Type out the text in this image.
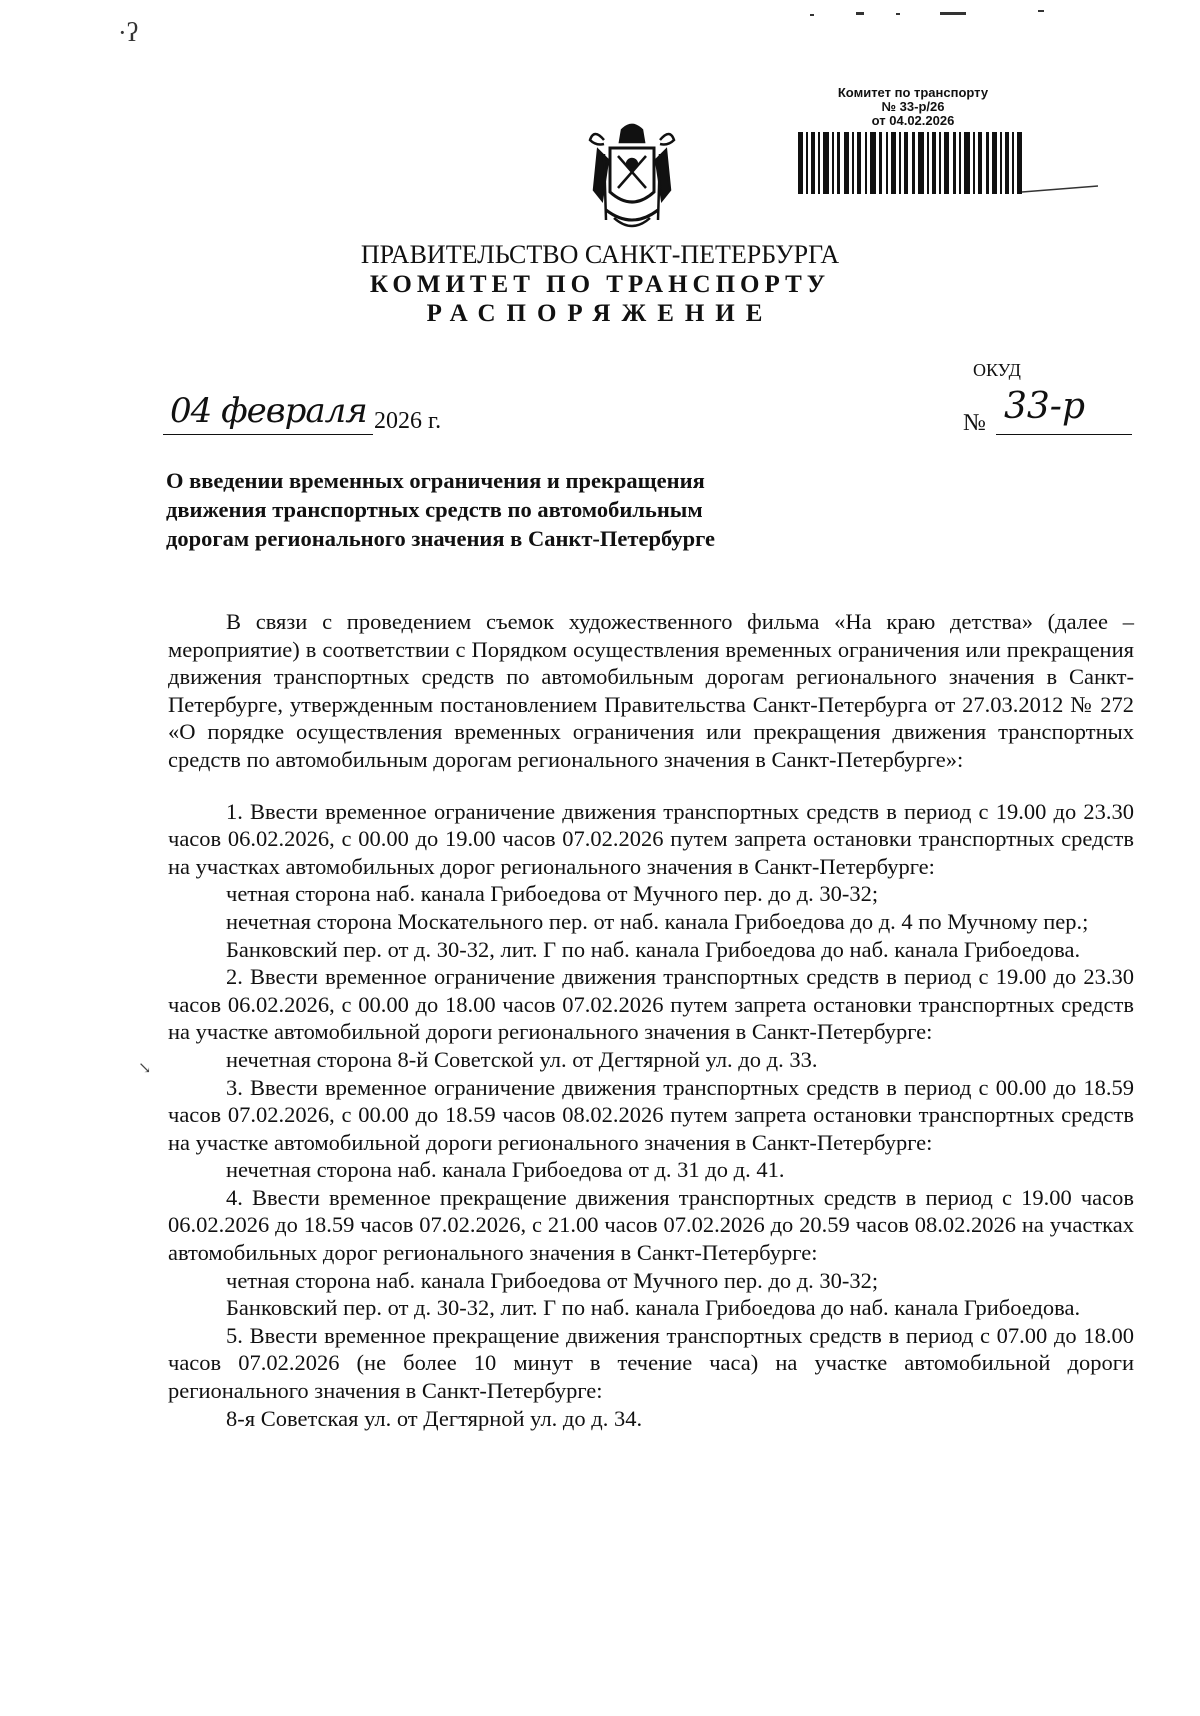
·ʔ
Комитет по транспорту
№ 33-р/26
от 04.02.2026
ПРАВИТЕЛЬСТВО САНКТ-ПЕТЕРБУРГА
КОМИТЕТ ПО ТРАНСПОРТУ
РАСПОРЯЖЕНИЕ
ОКУД
04 февраля 2026 г.	№ 33-р
О введении временных ограничения и прекращения движения транспортных средств по автомобильным дорогам регионального значения в Санкт-Петербурге
↘

В связи с проведением съемок художественного фильма «На краю детства» (далее – мероприятие) в соответствии с Порядком осуществления временных ограничения или прекращения движения транспортных средств по автомобильным дорогам регионального значения в Санкт-Петербурге, утвержденным постановлением Правительства Санкт-Петербурга от 27.03.2012 № 272 «О порядке осуществления временных ограничения или прекращения движения транспортных средств по автомобильным дорогам регионального значения в Санкт-Петербурге»:

1. Ввести временное ограничение движения транспортных средств в период с 19.00 до 23.30 часов 06.02.2026, с 00.00 до 19.00 часов 07.02.2026 путем запрета остановки транспортных средств на участках автомобильных дорог регионального значения в Санкт-Петербурге:

четная сторона наб. канала Грибоедова от Мучного пер. до д. 30-32;

нечетная сторона Москательного пер. от наб. канала Грибоедова до д. 4 по Мучному пер.;

Банковский пер. от д. 30-32, лит. Г по наб. канала Грибоедова до наб. канала Грибоедова.

2. Ввести временное ограничение движения транспортных средств в период с 19.00 до 23.30 часов 06.02.2026, с 00.00 до 18.00 часов 07.02.2026 путем запрета остановки транспортных средств на участке автомобильной дороги регионального значения в Санкт-Петербурге:

нечетная сторона 8-й Советской ул. от Дегтярной ул. до д. 33.

3. Ввести временное ограничение движения транспортных средств в период с 00.00 до 18.59 часов 07.02.2026, с 00.00 до 18.59 часов 08.02.2026 путем запрета остановки транспортных средств на участке автомобильной дороги регионального значения в Санкт-Петербурге:

нечетная сторона наб. канала Грибоедова от д. 31 до д. 41.

4. Ввести временное прекращение движения транспортных средств в период с 19.00 часов 06.02.2026 до 18.59 часов 07.02.2026, с 21.00 часов 07.02.2026 до 20.59 часов 08.02.2026 на участках автомобильных дорог регионального значения в Санкт-Петербурге:

четная сторона наб. канала Грибоедова от Мучного пер. до д. 30-32;

Банковский пер. от д. 30-32, лит. Г по наб. канала Грибоедова до наб. канала Грибоедова.

5. Ввести временное прекращение движения транспортных средств в период с 07.00 до 18.00 часов 07.02.2026 (не более 10 минут в течение часа) на участке автомобильной дороги регионального значения в Санкт-Петербурге:

8-я Советская ул. от Дегтярной ул. до д. 34.
